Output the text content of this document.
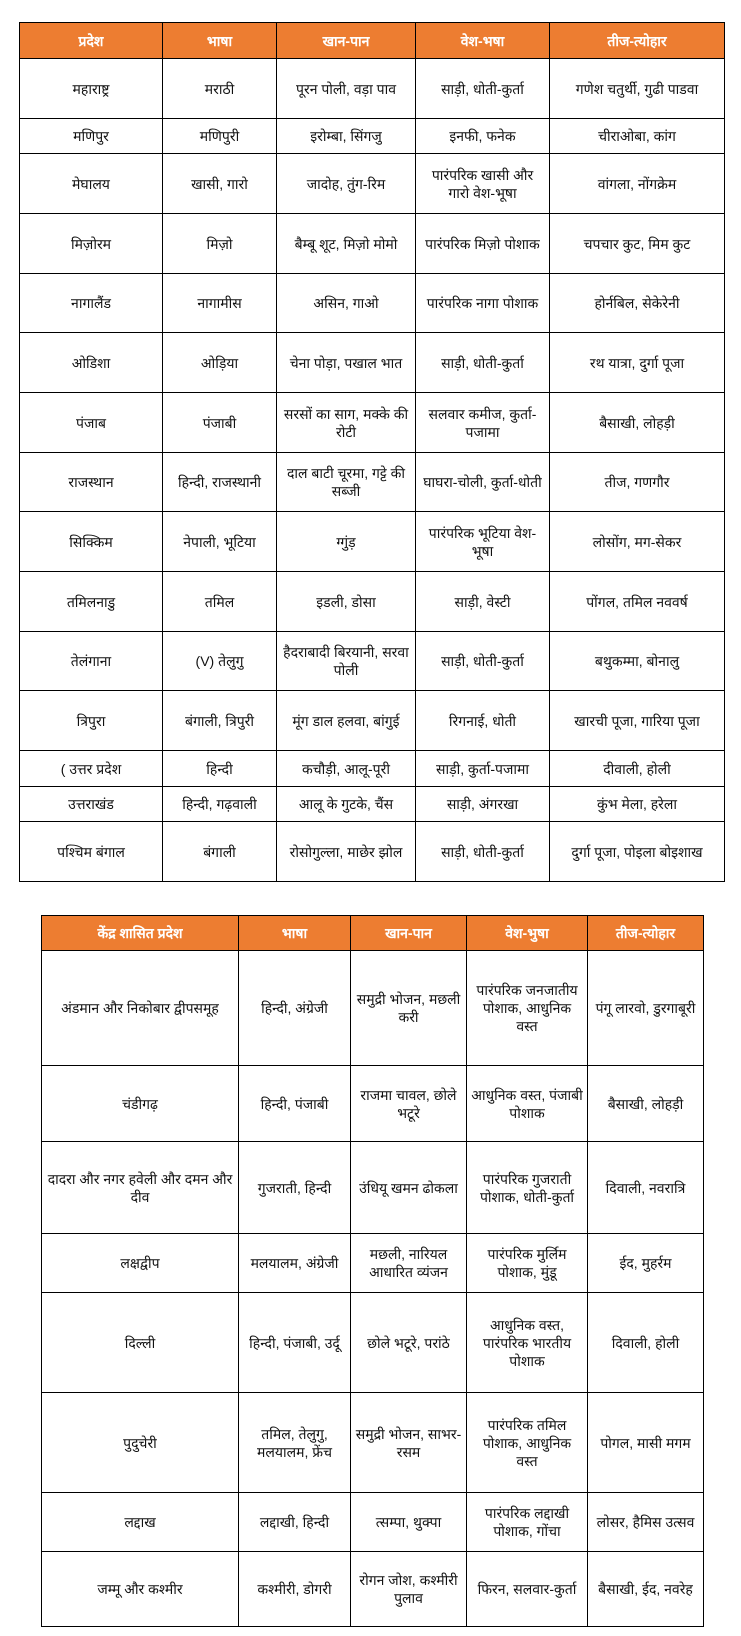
प्रदेश	भाषा	खान-पान	वेश-भषा	तीज-त्योहार
महाराष्ट्र	मराठी	पूरन पोली, वड़ा पाव	साड़ी, धोती-कुर्ता	गणेश चतुर्थी, गुढी पाडवा
मणिपुर	मणिपुरी	इरोम्बा, सिंगजु	इनफी, फनेक	चीराओबा, कांग
मेघालय	खासी, गारो	जादोह, तुंग-रिम	पारंपरिक खासी और गारो वेश-भूषा	वांगला, नोंगक्रेम
मिज़ोरम	मिज़ो	बैम्बू शूट, मिज़ो मोमो	पारंपरिक मिज़ो पोशाक	चपचार कुट, मिम कुट
नागालैंड	नागामीस	असिन, गाओ	पारंपरिक नागा पोशाक	होर्नबिल, सेकेरेनी
ओडिशा	ओड़िया	चेना पोड़ा, पखाल भात	साड़ी, धोती-कुर्ता	रथ यात्रा, दुर्गा पूजा
पंजाब	पंजाबी	सरसों का साग, मक्के की रोटी	सलवार कमीज, कुर्ता-पजामा	बैसाखी, लोहड़ी
राजस्थान	हिन्दी, राजस्थानी	दाल बाटी चूरमा, गट्टे की सब्जी	घाघरा-चोली, कुर्ता-धोती	तीज, गणगौर
सिक्किम	नेपाली, भूटिया	ग्गुंड़	पारंपरिक भूटिया वेश-भूषा	लोसोंग, मग-सेकर
तमिलनाडु	तमिल	इडली, डोसा	साड़ी, वेस्टी	पोंगल, तमिल नववर्ष
तेलंगाना	(V) तेलुगु	हैदराबादी बिरयानी, सरवा पोली	साड़ी, धोती-कुर्ता	बथुकम्मा, बोनालु
त्रिपुरा	बंगाली, त्रिपुरी	मूंग डाल हलवा, बांगुई	रिगनाई, धोती	खारची पूजा, गारिया पूजा
( उत्तर प्रदेश	हिन्दी	कचौड़ी, आलू-पूरी	साड़ी, कुर्ता-पजामा	दीवाली, होली
उत्तराखंड	हिन्दी, गढ़वाली	आलू के गुटके, चैंस	साड़ी, अंगरखा	कुंभ मेला, हरेला
पश्चिम बंगाल	बंगाली	रोसोगुल्ला, माछेर झोल	साड़ी, धोती-कुर्ता	दुर्गा पूजा, पोइला बोइशाख
केंद्र शासित प्रदेश	भाषा	खान-पान	वेश-भुषा	तीज-त्योहार
अंडमान और निकोबार द्वीपसमूह	हिन्दी, अंग्रेजी	समुद्री भोजन, मछली करी	पारंपरिक जनजातीय पोशाक, आधुनिक वस्त	पंगू लारवो, डुरगाबूरी
चंडीगढ़	हिन्दी, पंजाबी	राजमा चावल, छोले भटूरे	आधुनिक वस्त, पंजाबी पोशाक	बैसाखी, लोहड़ी
दादरा और नगर हवेली और दमन और दीव	गुजराती, हिन्दी	उंधियू खमन ढोकला	पारंपरिक गुजराती पोशाक, धोती-कुर्ता	दिवाली, नवरात्रि
लक्षद्वीप	मलयालम, अंग्रेजी	मछली, नारियल आधारित व्यंजन	पारंपरिक मुर्लिम पोशाक, मुंडू	ईद, मुहर्रम
दिल्ली	हिन्दी, पंजाबी, उर्दू	छोले भटूरे, परांठे	आधुनिक वस्त, पारंपरिक भारतीय पोशाक	दिवाली, होली
पुदुचेरी	तमिल, तेलुगु, मलयालम, फ्रेंच	समुद्री भोजन, साभर-रसम	पारंपरिक तमिल पोशाक, आधुनिक वस्त	पोगल, मासी मगम
लद्दाख	लद्दाखी, हिन्दी	त्सम्पा, थुक्पा	पारंपरिक लद्दाखी पोशाक, गोंचा	लोसर, हैमिस उत्सव
जम्मू और कश्मीर	कश्मीरी, डोगरी	रोगन जोश, कश्मीरी पुलाव	फिरन, सलवार-कुर्ता	बैसाखी, ईद, नवरेह
